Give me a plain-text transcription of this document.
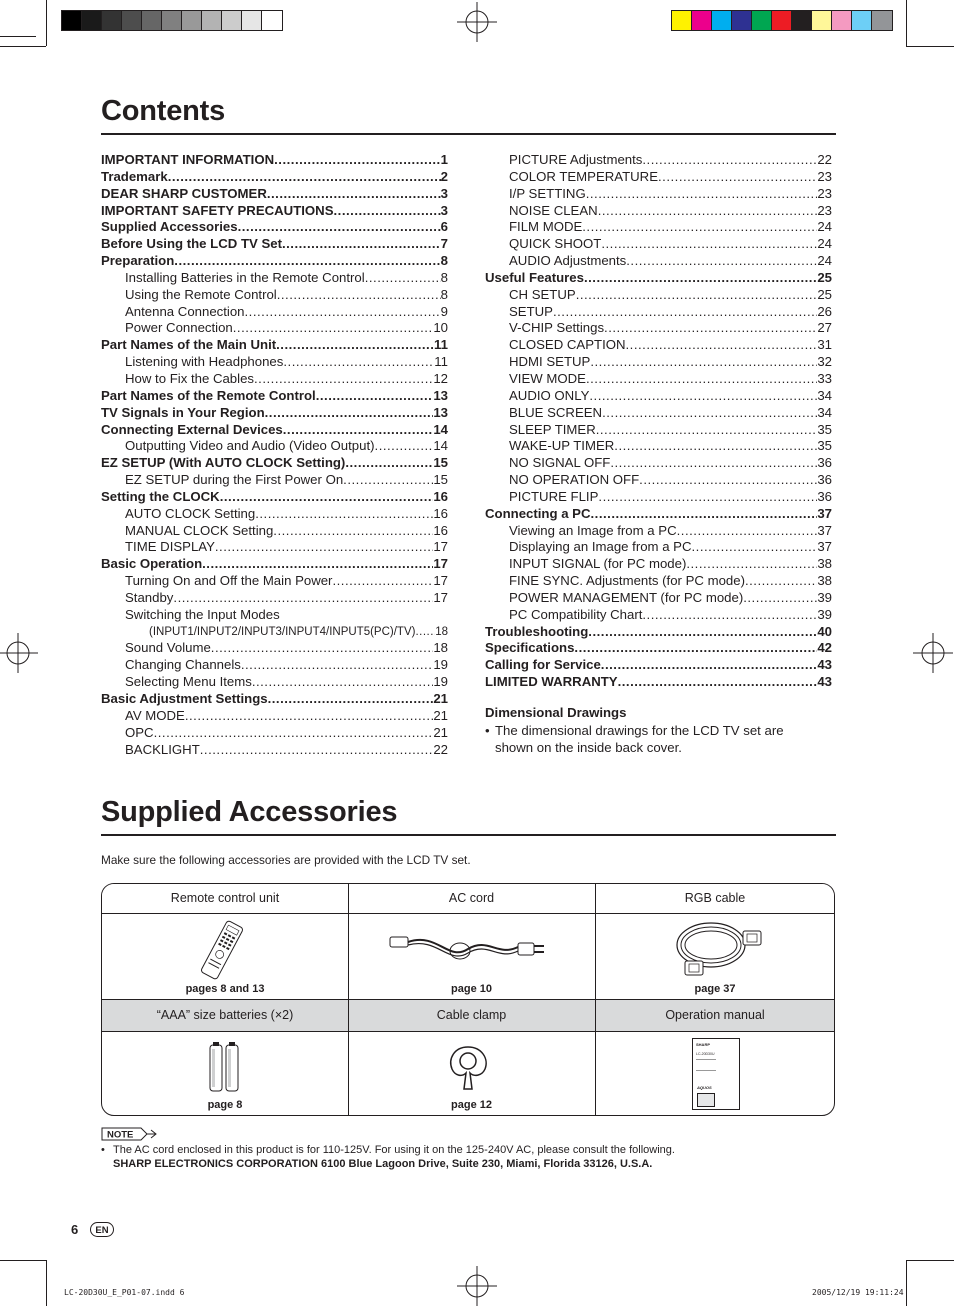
Contents
IMPORTANT INFORMATION .....	1
Trademark .....	2
DEAR SHARP CUSTOMER .....	3
IMPORTANT SAFETY PRECAUTIONS .....	3
Supplied Accessories .....	6
Before Using the LCD TV Set .....	7
Preparation .....	8
Installing Batteries in the Remote Control .....	8
Using the Remote Control .....	8
Antenna Connection .....	9
Power Connection .....	10
Part Names of the Main Unit .....	11
Listening with Headphones .....	11
How to Fix the Cables .....	12
Part Names of the Remote Control .....	13
TV Signals in Your Region .....	13
Connecting External Devices .....	14
Outputting Video and Audio (Video Output) .....	14
EZ SETUP (With AUTO CLOCK Setting) .....	15
EZ SETUP during the First Power On .....	15
Setting the CLOCK .....	16
AUTO CLOCK Setting .....	16
MANUAL CLOCK Setting .....	16
TIME DISPLAY .....	17
Basic Operation .....	17
Turning On and Off the Main Power .....	17
Standby .....	17
Switching the Input Modes
(INPUT1/INPUT2/INPUT3/INPUT4/INPUT5(PC)/TV) ..... 18
Sound Volume .....	18
Changing Channels .....	19
Selecting Menu Items .....	19
Basic Adjustment Settings .....	21
AV MODE .....	21
OPC .....	21
BACKLIGHT .....	22
PICTURE Adjustments .....	22
COLOR TEMPERATURE .....	23
I/P SETTING .....	23
NOISE CLEAN .....	23
FILM MODE .....	24
QUICK SHOOT .....	24
AUDIO Adjustments .....	24
Useful Features .....	25
CH SETUP .....	25
SETUP .....	26
V-CHIP Settings .....	27
CLOSED CAPTION .....	31
HDMI SETUP .....	32
VIEW MODE .....	33
AUDIO ONLY .....	34
BLUE SCREEN .....	34
SLEEP TIMER .....	35
WAKE-UP TIMER .....	35
NO SIGNAL OFF .....	36
NO OPERATION OFF .....	36
PICTURE FLIP .....	36
Connecting a PC .....	37
Viewing an Image from a PC .....	37
Displaying an Image from a PC .....	37
INPUT SIGNAL (for PC mode) .....	38
FINE SYNC. Adjustments (for PC mode) .....	38
POWER MANAGEMENT (for PC mode) .....	39
PC Compatibility Chart .....	39
Troubleshooting .....	40
Specifications .....	42
Calling for Service .....	43
LIMITED WARRANTY .....	43
Dimensional Drawings
• The dimensional drawings for the LCD TV set are shown on the inside back cover.
Supplied Accessories
Make sure the following accessories are provided with the LCD TV set.
Remote control unit	AC cord	RGB cable
pages 8 and 13	page 10	page 37
“AAA” size batteries (×2)	Cable clamp	Operation manual
page 8	page 12
SHARP
LC-20D30U
AQUOS
NOTE
• The AC cord enclosed in this product is for 110-125V. For using it on the 125-240V AC, please consult the following.
SHARP ELECTRONICS CORPORATION 6100 Blue Lagoon Drive, Suite 230, Miami, Florida 33126, U.S.A.
6	EN
LC-20D30U_E_P01-07.indd 6	2005/12/19 19:11:24
